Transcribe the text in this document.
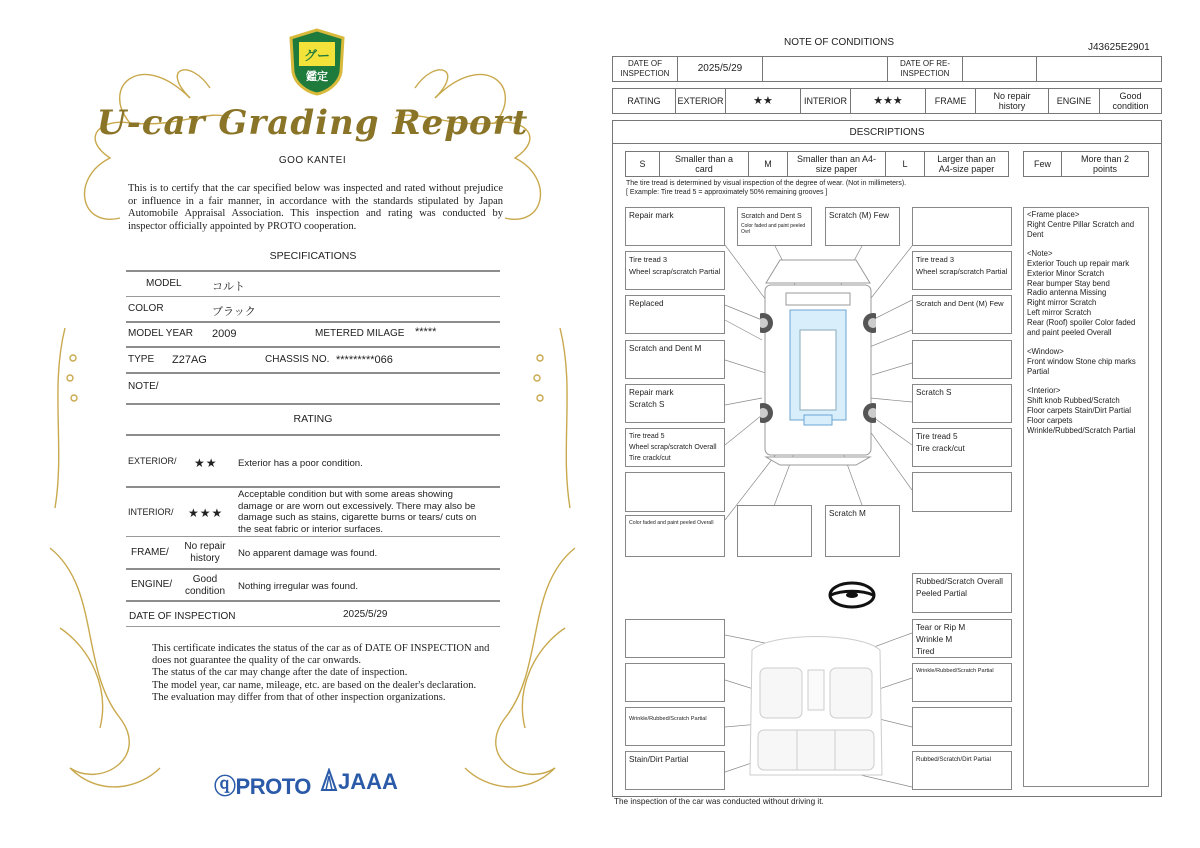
グー
鑑定
U-car Grading Report
GOO KANTEI
This is to certify that the car specified below was inspected and rated without prejudice or influence in a fair manner, in accordance with the standards stipulated by Japan Automobile Appraisal Association. This inspection and rating was conducted by inspector officially appointed by PROTO cooperation.
SPECIFICATIONS
MODEL	コルト
COLOR	ブラック
MODEL YEAR 2009	METERED MILAGE *****
TYPE Z27AG	CHASSIS NO. *********066
NOTE/
RATING
EXTERIOR/ ★★ Exterior has a poor condition.
INTERIOR/ ★★★
Acceptable condition but with some areas showing damage or are worn out excessively. There may also be damage such as stains, cigarette burns or tears/ cuts on the seat fabric or interior surfaces.
FRAME/
No repair history	No apparent damage was found.
ENGINE/	Good condition	Nothing irregular was found.
DATE OF INSPECTION	2025/5/29
This certificate indicates the status of the car as of DATE OF INSPECTION and does not guarantee the quality of the car onwards.
The status of the car may change after the date of inspection.
The model year, car name, mileage, etc. are based on the dealer's declaration.
The evaluation may differ from that of other inspection organizations.
ⓠPROTO	JAAA
NOTE OF CONDITIONS	J43625E2901
DATE OF INSPECTION	2025/5/29	DATE OF RE-INSPECTION
RATING	EXTERIOR	★★	INTERIOR	★★★	FRAME	No repair history	ENGINE	Good condition
DESCRIPTIONS
S	Smaller than a card	M	Smaller than an A4-size paper	L	Larger than an A4-size paper	Few	More than 2 points
The tire tread is determined by visual inspection of the degree of wear. (Not in millimeters).
[ Example: Tire tread 5 = approximately 50% remaining grooves ]
Repair mark	Scratch and Dent S
Color faded and paint peeled Ovrl
Scratch (M) Few
Tire tread 3
Wheel scrap/scratch Partial
Tire tread 3
Wheel scrap/scratch Partial
Replaced	Scratch and Dent (M) Few
Scratch and Dent M
Repair mark
Scratch S
Scratch S
Tire tread 5
Wheel scrap/scratch Overall
Tire crack/cut
Tire tread 5
Tire crack/cut
Color faded and paint peeled Overall
Scratch M
<Frame place>
Right Centre Pillar Scratch and Dent

<Note>
Exterior Touch up repair mark
Exterior Minor Scratch
Rear bumper Stay bend
Radio antenna Missing
Right mirror Scratch
Left mirror Scratch
Rear (Roof) spoiler Color faded and paint peeled Overall

<Window>
Front window Stone chip marks Partial

<Interior>
Shift knob Rubbed/Scratch
Floor carpets Stain/Dirt Partial
Floor carpets
Wrinkle/Rubbed/Scratch Partial
Rubbed/Scratch Overall
Peeled Partial
Tear or Rip M
Wrinkle M
Tired
Wrinkle/Rubbed/Scratch Partial
Wrinkle/Rubbed/Scratch Partial
Stain/Dirt Partial	Rubbed/Scratch/Dirt Partial
The inspection of the car was conducted without driving it.
